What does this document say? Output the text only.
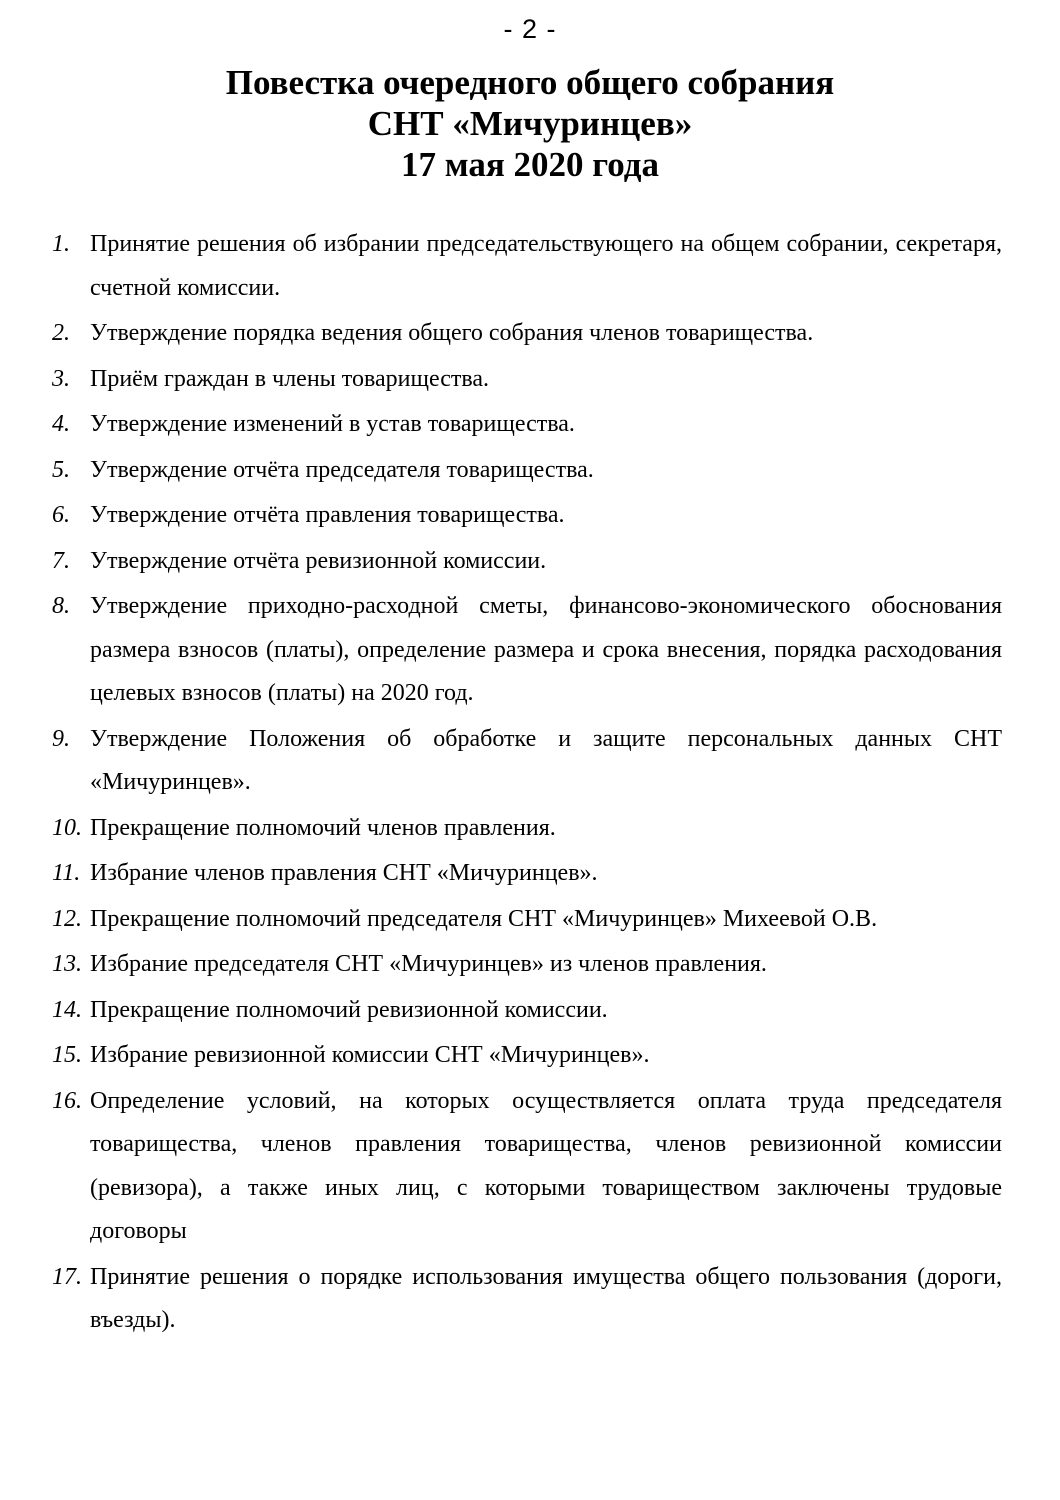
- 2 -
Повестка очередного общего собрания
СНТ «Мичуринцев»
17 мая 2020 года
1. Принятие решения об избрании председательствующего на общем собрании, секретаря, счетной комиссии.
2. Утверждение порядка ведения общего собрания членов товарищества.
3. Приём граждан в члены товарищества.
4. Утверждение изменений в устав товарищества.
5. Утверждение отчёта председателя товарищества.
6. Утверждение отчёта правления товарищества.
7. Утверждение отчёта ревизионной комиссии.
8. Утверждение приходно-расходной сметы, финансово-экономического обоснования размера взносов (платы), определение размера и срока внесения, порядка расходования целевых взносов (платы) на 2020 год.
9. Утверждение Положения об обработке и защите персональных данных СНТ «Мичуринцев».
10. Прекращение полномочий членов правления.
11. Избрание членов правления СНТ «Мичуринцев».
12. Прекращение полномочий председателя СНТ «Мичуринцев» Михеевой О.В.
13. Избрание председателя СНТ «Мичуринцев» из членов правления.
14. Прекращение полномочий ревизионной комиссии.
15. Избрание ревизионной комиссии СНТ «Мичуринцев».
16. Определение условий, на которых осуществляется оплата труда председателя товарищества, членов правления товарищества, членов ревизионной комиссии (ревизора), а также иных лиц, с которыми товариществом заключены трудовые договоры
17. Принятие решения о порядке использования имущества общего пользования (дороги, въезды).
